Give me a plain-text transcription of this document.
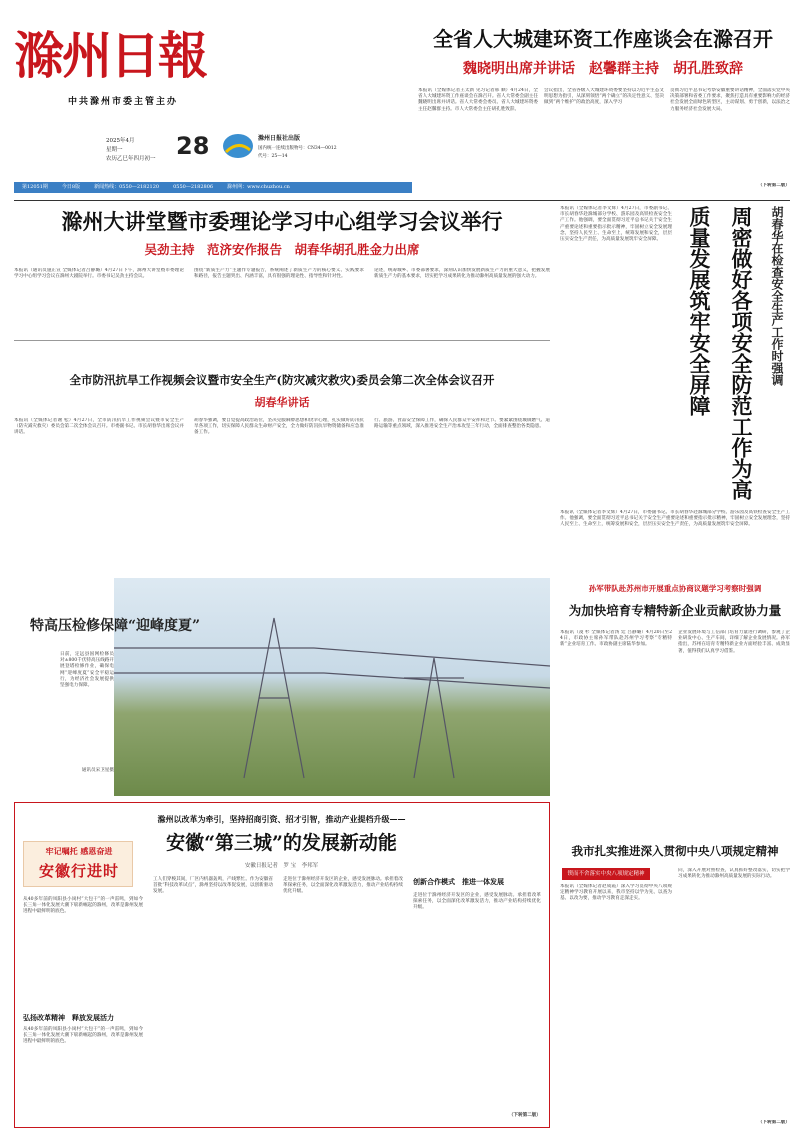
滁州日報
中共滁州市委主管主办
2025年4月
星期一
农历乙巳年四月初一 28	滁州日报社出版
国内统一连续出版物号：CN34—0012
代号：25—14
第12051期	今日8版	新闻热线：0550—2182120	0550—2182806	滁州网：www.chuzhou.cn
全省人大城建环资工作座谈会在滁召开
魏晓明出席并讲话　赵馨群主持　胡孔胜致辞
本报讯（全媒体记者王太新 见习记者邢 顺）4月24日，全省人大城建环资工作座谈会在滁召开。省人大常委会副主任魏晓明出席并讲话。省人大常委会委员、省人大城建环资委主任赵馨群主持。市人大常委会主任胡孔胜致辞。
会议指出，全省各级人大城建环资委要坚持以习近平生态文明思想为指引，从深刻领悟“两个确立”的决定性意义、坚决做到“两个维护”的政治高度，深入学习
贯彻习近平总书记考察安徽重要讲话精神，全面落实党中央决策部署和省委工作要求，聚焦打造具有重要影响力的经济社会发展全面绿色转型区，主动谋划、勇于创新，以法治之力服务经济社会发展大局。
（下转第二版）
滁州大讲堂暨市委理论学习中心组学习会议举行
吴劲主持　范济安作报告　胡春华胡孔胜金力出席
本报讯（通讯员施正宣 全媒体记者吕静璐）4月27日下午，滁州大讲堂暨市委理论学习中心组学习会议在滁州大剧院举行。市委书记吴劲主持会议。
围绕“新质生产力”主题作专题报告，系统阐述了新质生产力的核心要义、实践要求和路径，报告主题突出、内涵丰富，具有很强的理论性、指导性和针对性。
论述，统筹城乡、市委部署要求，深刻认识加快发展新质生产力的重大意义，把握发展新质生产力的基本要求，切实把学习成果转化为推动滁州高质量发展的强大动力。
全市防汛抗旱工作视频会议暨市安全生产(防灾减灾救灾)委员会第二次全体会议召开
胡春华讲话
本报讯（全媒体记者谢 松）4月27日，全市防汛抗旱工作视频会议暨市安全生产（防灾减灾救灾）委员会第二次全体会议召开。市委副书记、市长胡春华出席会议并讲话。
胡春华强调，要自觉提高政治站位，坚决克服麻痹思想和侥幸心理，扎实做好防汛抗旱各项工作，切实保障人民群众生命财产安全，全力做好防汛抗旱物资储备和应急准备工作。
行、旅游、食品安全保障工作，确保人民群众平安祥和过节。要紧紧围绕城镇燃气、道路运输等重点领域，深入推进安全生产治本攻坚三年行动，全面排查整治各类隐患。
胡春华在检查安全生产工作时强调
周密做好各项安全防范工作为高质量发展筑牢安全屏障
本报讯（全媒体记者李文辉）4月27日，市委副书记、市长胡春华赴滁城部分学校、游乐园及高铁检查安全生产工作。他强调，要全面贯彻习近平总书记关于安全生产重要论述和重要指示批示精神，牢固树立安全发展理念，坚持人民至上、生命至上，统筹发展和安全，层层压实安全生产责任，为高质量发展筑牢安全屏障。
本报讯（全媒体记者李文辉）4月27日，市委副书记、市长胡春华赴滁城部分学校、游乐园及高铁检查安全生产工作。他强调，要全面贯彻习近平总书记关于安全生产重要论述和重要指示批示精神，牢固树立安全发展理念，坚持人民至上、生命至上，统筹发展和安全，层层压实安全生产责任，为高质量发展筑牢安全屏障。
特高压检修保障“迎峰度夏”
日前，定远县国网检修员对±800千伏特高压线路开展登塔检修作业，确保电网“迎峰度夏”安全平稳运行，为经济社会发展提供坚强电力保障。
通讯员宋卫星摄
孙军带队赴苏州市开展重点协商议题学习考察时强调
为加快培育专精特新企业贡献政协力量
本报讯（凌 杉 全媒体记者汤 廷 吕静璐）4月20日至24日，市政协主席孙军带队赴苏州学习考察“专精特新”企业培育工作。市政协副主席陆华参加。
企业发展环境与工信部门培育力量进行调研，参观了企业研发中心、生产车间，详细了解企业发展情况。孙军指出，苏州在培育专精特新企业方面经验丰富、成效显著，值得我们认真学习借鉴。
滁州以改革为牵引，坚持招商引资、招才引智，推动产业提档升级——
安徽“第三城”的发展新动能
安徽日报记者　罗 宝　李邦军
牢记嘱托 感恩奋进
安徽行进时
从40多年前的凤阳县小岗村“大包干”的一声雷鸣，到如今长三角一体化发展大潮下崭新崛起的滁州，改革是滁州发展进程中最鲜明的底色。
弘扬改革精神　释放发展活力
从40多年前的凤阳县小岗村“大包干”的一声雷鸣，到如今长三角一体化发展大潮下崭新崛起的滁州，改革是滁州发展进程中最鲜明的底色。
工人们穿梭其间，厂区内机器轰鸣，产线繁忙。作为安徽省首批“科技改革试点”，滁州坚持以改革促发展，以创新驱动发展。
走进位于滁州经济开发区的企业，感受发展脉动。承担着改革探索任务，以全面深化改革激发活力，推动产业结构持续优化升级。
创新合作模式　推进一体发展
走进位于滁州经济开发区的企业，感受发展脉动。承担着改革探索任务，以全面深化改革激发活力，推动产业结构持续优化升级。
（下转第二版）
我市扎实推进深入贯彻中央八项规定精神
锲而不舍落实中央八项规定精神
本报讯（全媒体记者赵成霞）深入学习贯彻中央八项规定精神学习教育开展以来，我市坚持以学为先、以查为基、以改为要，推动学习教育走深走实。
向，深入开展对照检查，认真抓好整改落实，切实把学习成果转化为推动滁州高质量发展的实际行动。
（下转第二版）
